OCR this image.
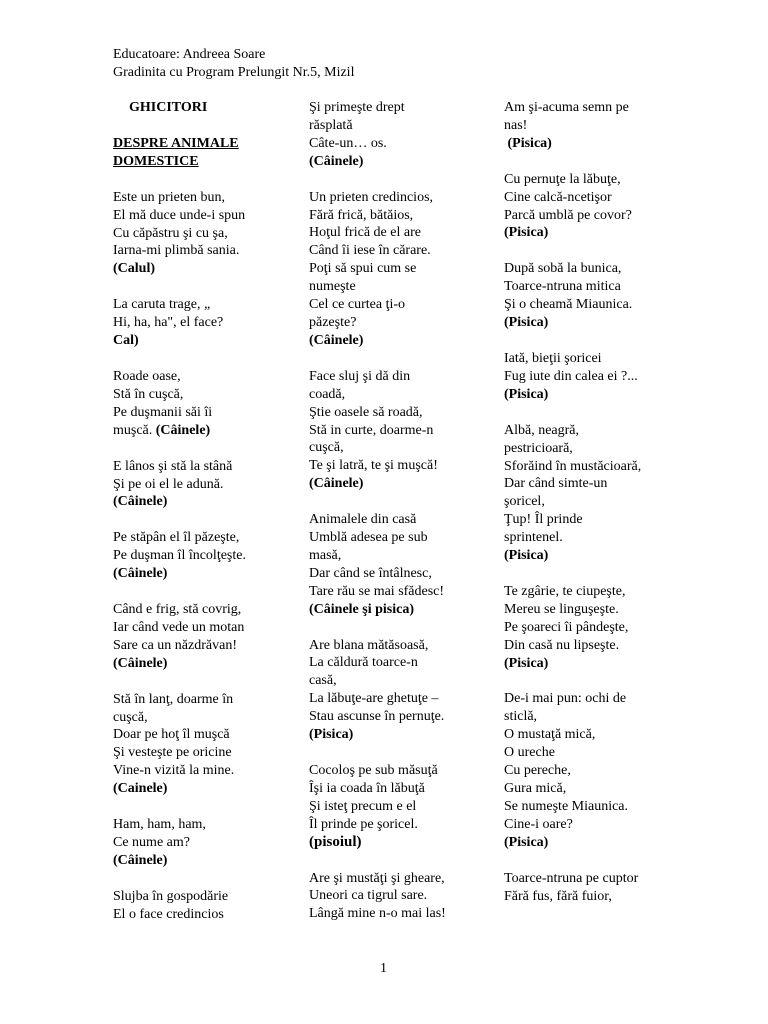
Educatoare: Andreea Soare
Gradinita cu Program Prelungit Nr.5, Mizil
GHICITORI
DESPRE ANIMALE
DOMESTICE
Este un prieten bun,
El mă duce unde-i spun
Cu căpăstru şi cu şa,
Iarna-mi plimbă sania.
(Calul)
La caruta trage, „
Hi, ha, ha", el face?
Cal)
Roade oase,
Stă în cuşcă,
Pe duşmanii săi îi
muşcă. (Câinele)
E lânos şi stă la stână
Şi pe oi el le adună.
(Câinele)
Pe stăpân el îl păzeşte,
Pe duşman îl încolţeşte.
(Câinele)
Când e frig, stă covrig,
Iar când vede un motan
Sare ca un năzdrăvan!
(Câinele)
Stă în lanţ, doarme în
cuşcă,
Doar pe hoţ îl muşcă
Şi vesteşte pe oricine
Vine-n vizită la mine.
(Cainele)
Ham, ham, ham,
Ce nume am?
(Câinele)
Slujba în gospodărie
El o face credincios
Şi primeşte drept
răsplată
Câte-un… os.
(Câinele)
Un prieten credincios,
Fără frică, bătăios,
Hoţul frică de el are
Când îi iese în cărare.
Poţi să spui cum se
numeşte
Cel ce curtea ţi-o
păzeşte?
(Câinele)
Face sluj şi dă din
coadă,
Ştie oasele să roadă,
Stă in curte, doarme-n
cuşcă,
Te şi latră, te şi muşcă!
(Câinele)
Animalele din casă
Umblă adesea pe sub
masă,
Dar când se întâlnesc,
Tare rău se mai sfădesc!
(Câinele şi pisica)
Are blana mătăsoasă,
La căldură toarce-n
casă,
La lăbuţe-are ghetuţe –
Stau ascunse în pernuţe.
(Pisica)
Cocoloş pe sub măsuţă
Îşi ia coada în lăbuţă
Şi isteţ precum e el
Îl prinde pe şoricel.
(pisoiul)
Are şi mustăţi şi gheare,
Uneori ca tigrul sare.
Lângă mine n-o mai las!
Am şi-acuma semn pe
nas!
(Pisica)
Cu pernuţe la lăbuţe,
Cine calcă-ncetişor
Parcă umblă pe covor?
(Pisica)
După sobă la bunica,
Toarce-ntruna mitica
Şi o cheamă Miaunica.
(Pisica)
Iată, bieţii şoricei
Fug iute din calea ei ?...
(Pisica)
Albă, neagră,
pestricioară,
Sforăind în mustăcioară,
Dar când simte-un
şoricel,
Ţup! Îl prinde
sprintenel.
(Pisica)
Te zgârie, te ciupeşte,
Mereu se linguşeşte.
Pe şoareci îi pândeşte,
Din casă nu lipseşte.
(Pisica)
De-i mai pun: ochi de
sticlă,
O mustaţă mică,
O ureche
Cu pereche,
Gura mică,
Se numeşte Miaunica.
Cine-i oare?
(Pisica)
Toarce-ntruna pe cuptor
Fără fus, fără fuior,
1
